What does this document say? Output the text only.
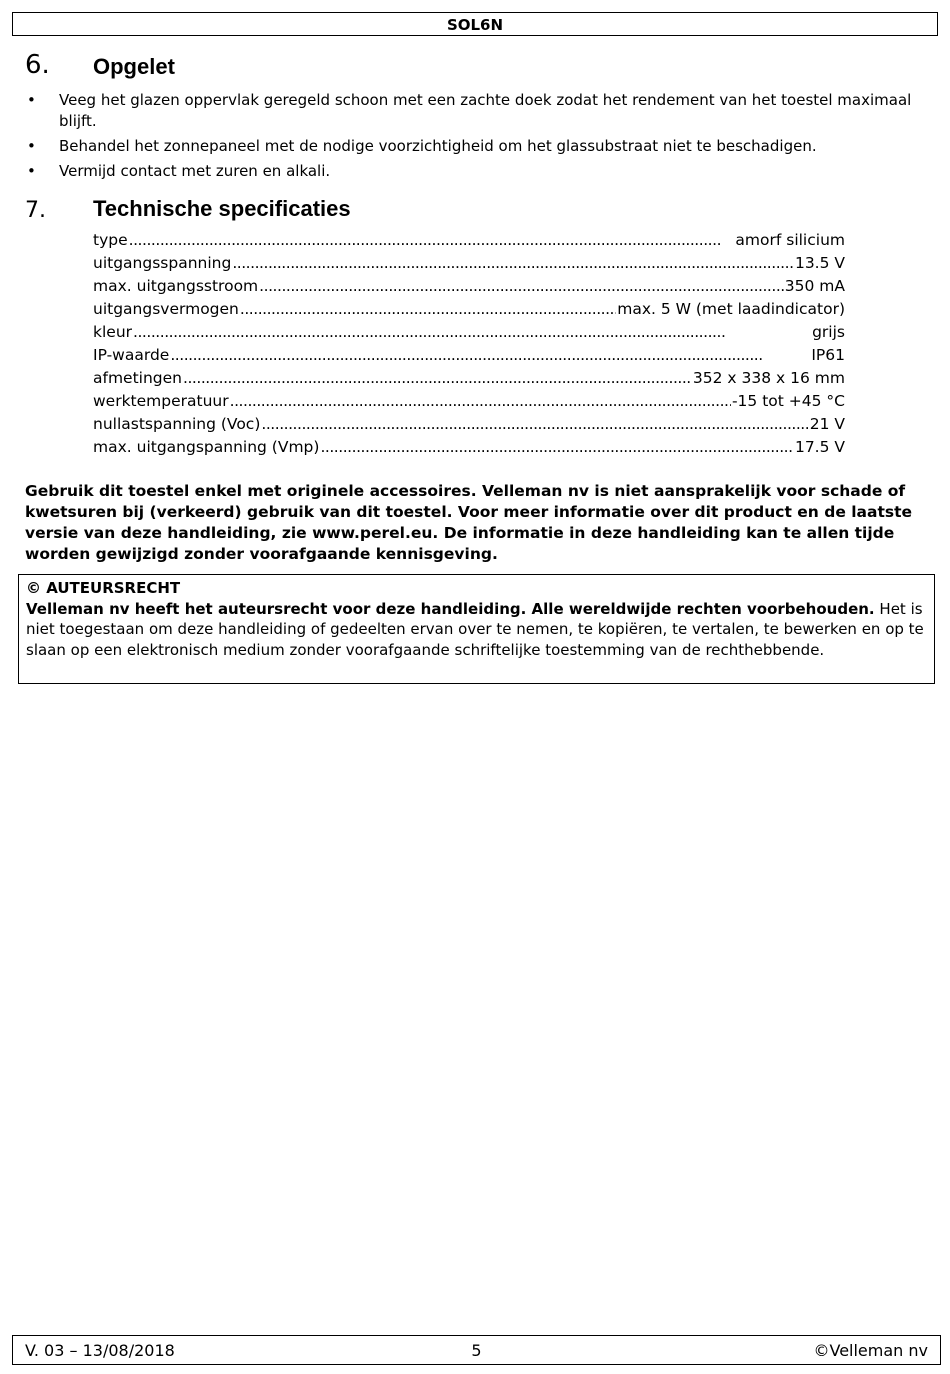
SOL6N
6. Opgelet
• Veeg het glazen oppervlak geregeld schoon met een zachte doek zodat het rendement van het toestel maximaal blijft.
• Behandel het zonnepaneel met de nodige voorzichtigheid om het glassubstraat niet te beschadigen.
• Vermijd contact met zuren en alkali.
7. Technische specificaties
type . . .	amorf silicium
uitgangsspanning . . .	13.5 V
max. uitgangsstroom . . .	350 mA
uitgangsvermogen . . .	max. 5 W (met laadindicator)
kleur . . .	grijs
IP-waarde . . .	IP61
afmetingen . . .	352 x 338 x 16 mm
werktemperatuur . . .	-15 tot +45 °C
nullastspanning (Voc) . . .	21 V
max. uitgangspanning (Vmp) . . .	17.5 V
Gebruik dit toestel enkel met originele accessoires. Velleman nv is niet aansprakelijk voor schade of kwetsuren bij (verkeerd) gebruik van dit toestel. Voor meer informatie over dit product en de laatste versie van deze handleiding, zie www.perel.eu. De informatie in deze handleiding kan te allen tijde worden gewijzigd zonder voorafgaande kennisgeving.
© AUTEURSRECHT
Velleman nv heeft het auteursrecht voor deze handleiding. Alle wereldwijde rechten voorbehouden. Het is niet toegestaan om deze handleiding of gedeelten ervan over te nemen, te kopiëren, te vertalen, te bewerken en op te slaan op een elektronisch medium zonder voorafgaande schriftelijke toestemming van de rechthebbende.
V. 03 – 13/08/2018	5	©Velleman nv
